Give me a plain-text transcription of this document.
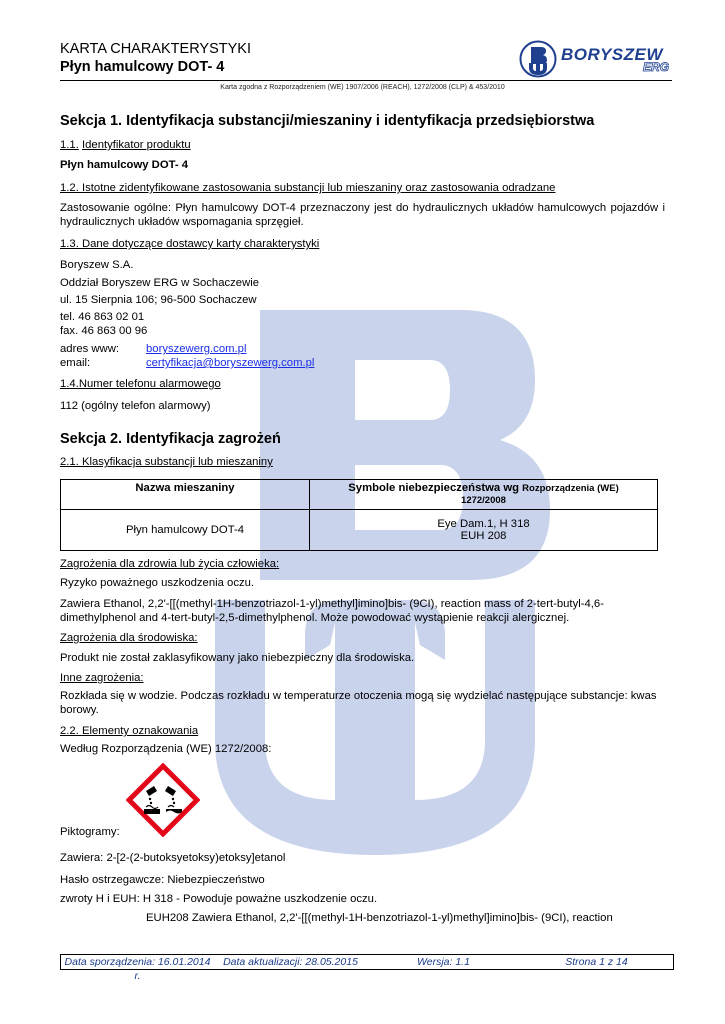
KARTA CHARAKTERYSTYKI
Płyn hamulcowy DOT- 4
BORYSZEW
ERG
Karta zgodna z Rozporządzeniem (WE) 1907/2006 (REACH), 1272/2008 (CLP) & 453/2010
Sekcja 1. Identyfikacja substancji/mieszaniny i identyfikacja przedsiębiorstwa
1.1. Identyfikator produktu
Płyn hamulcowy DOT- 4
1.2. Istotne zidentyfikowane zastosowania substancji lub mieszaniny oraz zastosowania odradzane
Zastosowanie ogólne: Płyn hamulcowy DOT-4 przeznaczony jest do hydraulicznych układów hamulcowych pojazdów i hydraulicznych układów wspomagania sprzęgieł.
1.3. Dane dotyczące dostawcy karty charakterystyki
Boryszew S.A.
Oddział Boryszew ERG w Sochaczewie
ul. 15 Sierpnia 106; 96-500 Sochaczew
tel. 46 863 02 01
fax. 46 863 00 96
adres www: boryszewerg.com.pl
email:	certyfikacja@boryszewerg.com.pl
1.4.Numer telefonu alarmowego
112 (ogólny telefon alarmowy)
Sekcja 2. Identyfikacja zagrożeń
2.1. Klasyfikacja substancji lub mieszaniny
Nazwa mieszaniny	Symbole niebezpieczeństwa wg Rozporządzenia (WE)
1272/2008
Płyn hamulcowy DOT-4	Eye Dam.1, H 318
EUH 208
Zagrożenia dla zdrowia lub życia człowieka:
Ryzyko poważnego uszkodzenia oczu.
Zawiera Ethanol, 2,2'-[[(methyl-1H-benzotriazol-1-yl)methyl]imino]bis- (9CI), reaction mass of 2-tert-butyl-4,6-dimethylphenol and 4-tert-butyl-2,5-dimethylphenol. Może powodować wystąpienie reakcji alergicznej.
Zagrożenia dla środowiska:
Produkt nie został zaklasyfikowany jako niebezpieczny dla środowiska.
Inne zagrożenia:
Rozkłada się w wodzie. Podczas rozkładu w temperaturze otoczenia mogą się wydzielać następujące substancje: kwas borowy.
2.2. Elementy oznakowania
Według Rozporządzenia (WE) 1272/2008:
Piktogramy:
Zawiera: 2-[2-(2-butoksyetoksy)etoksy]etanol
Hasło ostrzegawcze: Niebezpieczeństwo
zwroty H i EUH: H 318 - Powoduje poważne uszkodzenie oczu.
EUH208 Zawiera Ethanol, 2,2'-[[(methyl-1H-benzotriazol-1-yl)methyl]imino]bis- (9CI), reaction
Data sporządzenia: 16.01.2014 r.
Data aktualizacji: 28.05.2015	Wersja: 1.1	Strona 1 z 14
